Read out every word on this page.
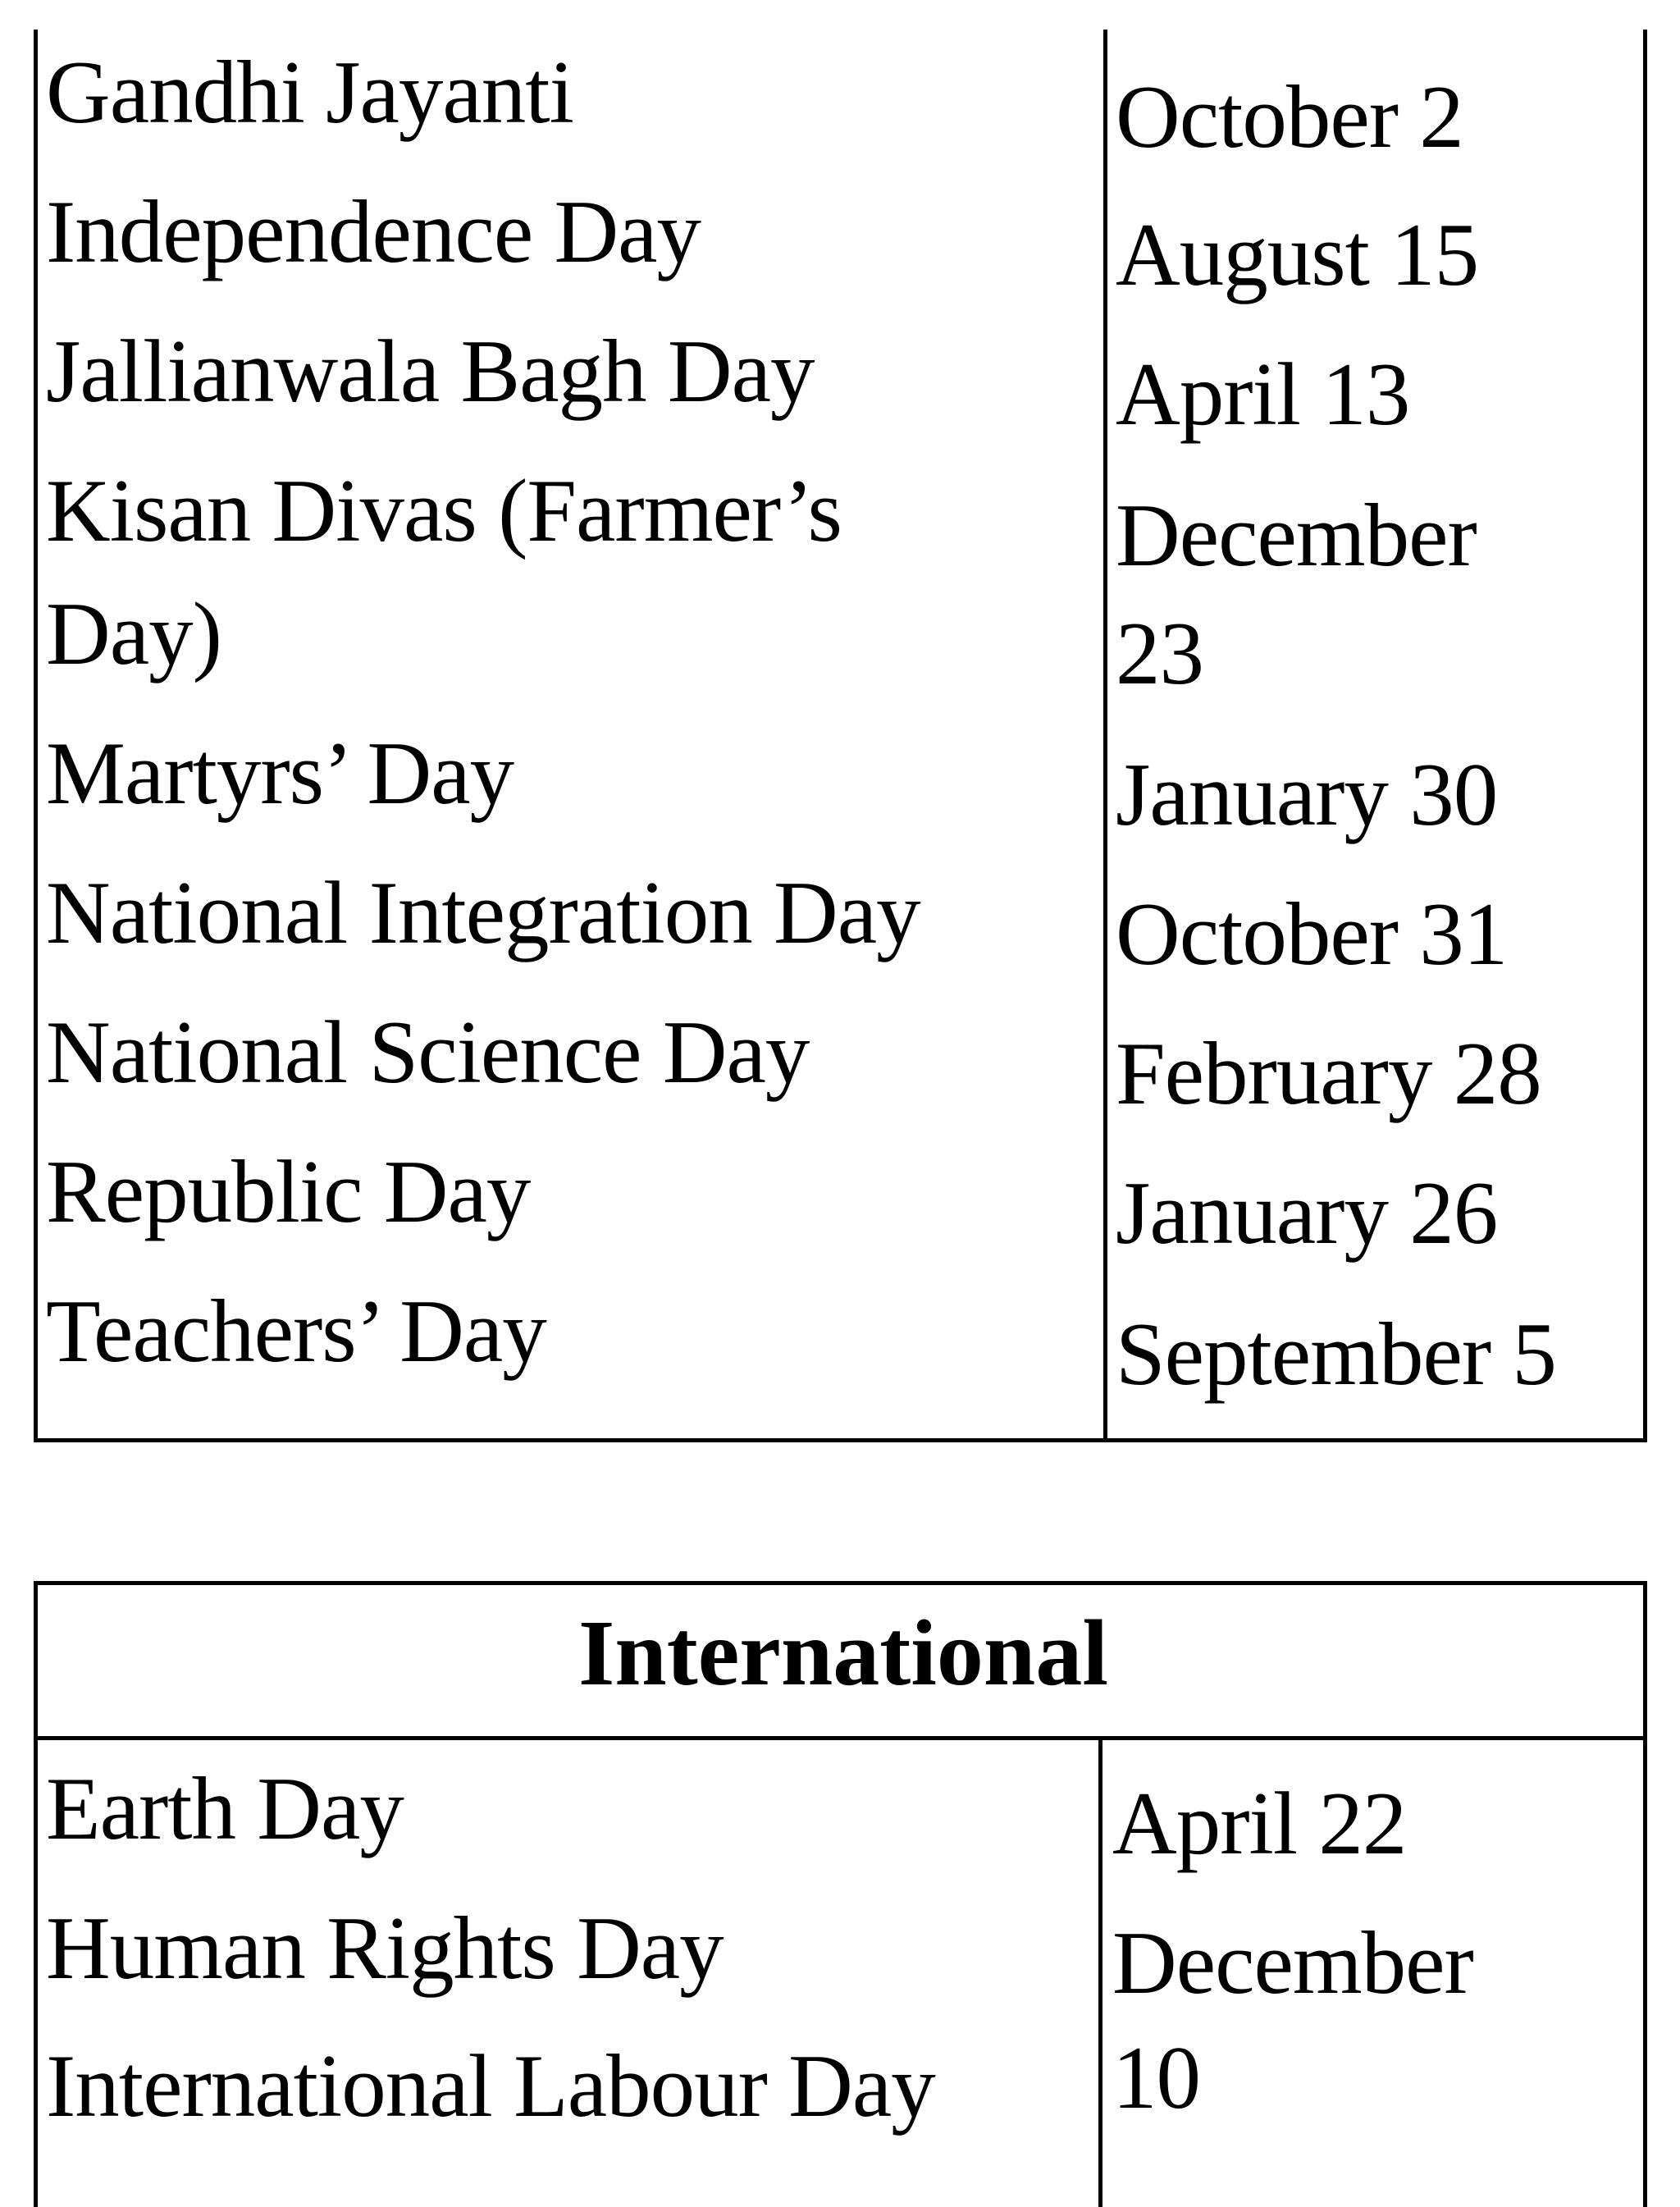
Gandhi Jayanti
Independence Day
Jallianwala Bagh Day
Kisan Divas (Farmer’s
Day)
Martyrs’ Day
National Integration Day
National Science Day
Republic Day
Teachers’ Day
October 2
August 15
April 13
December
23
January 30
October 31
February 28
January 26
September 5
International
Earth Day
Human Rights Day
International Labour Day
April 22
December
10
